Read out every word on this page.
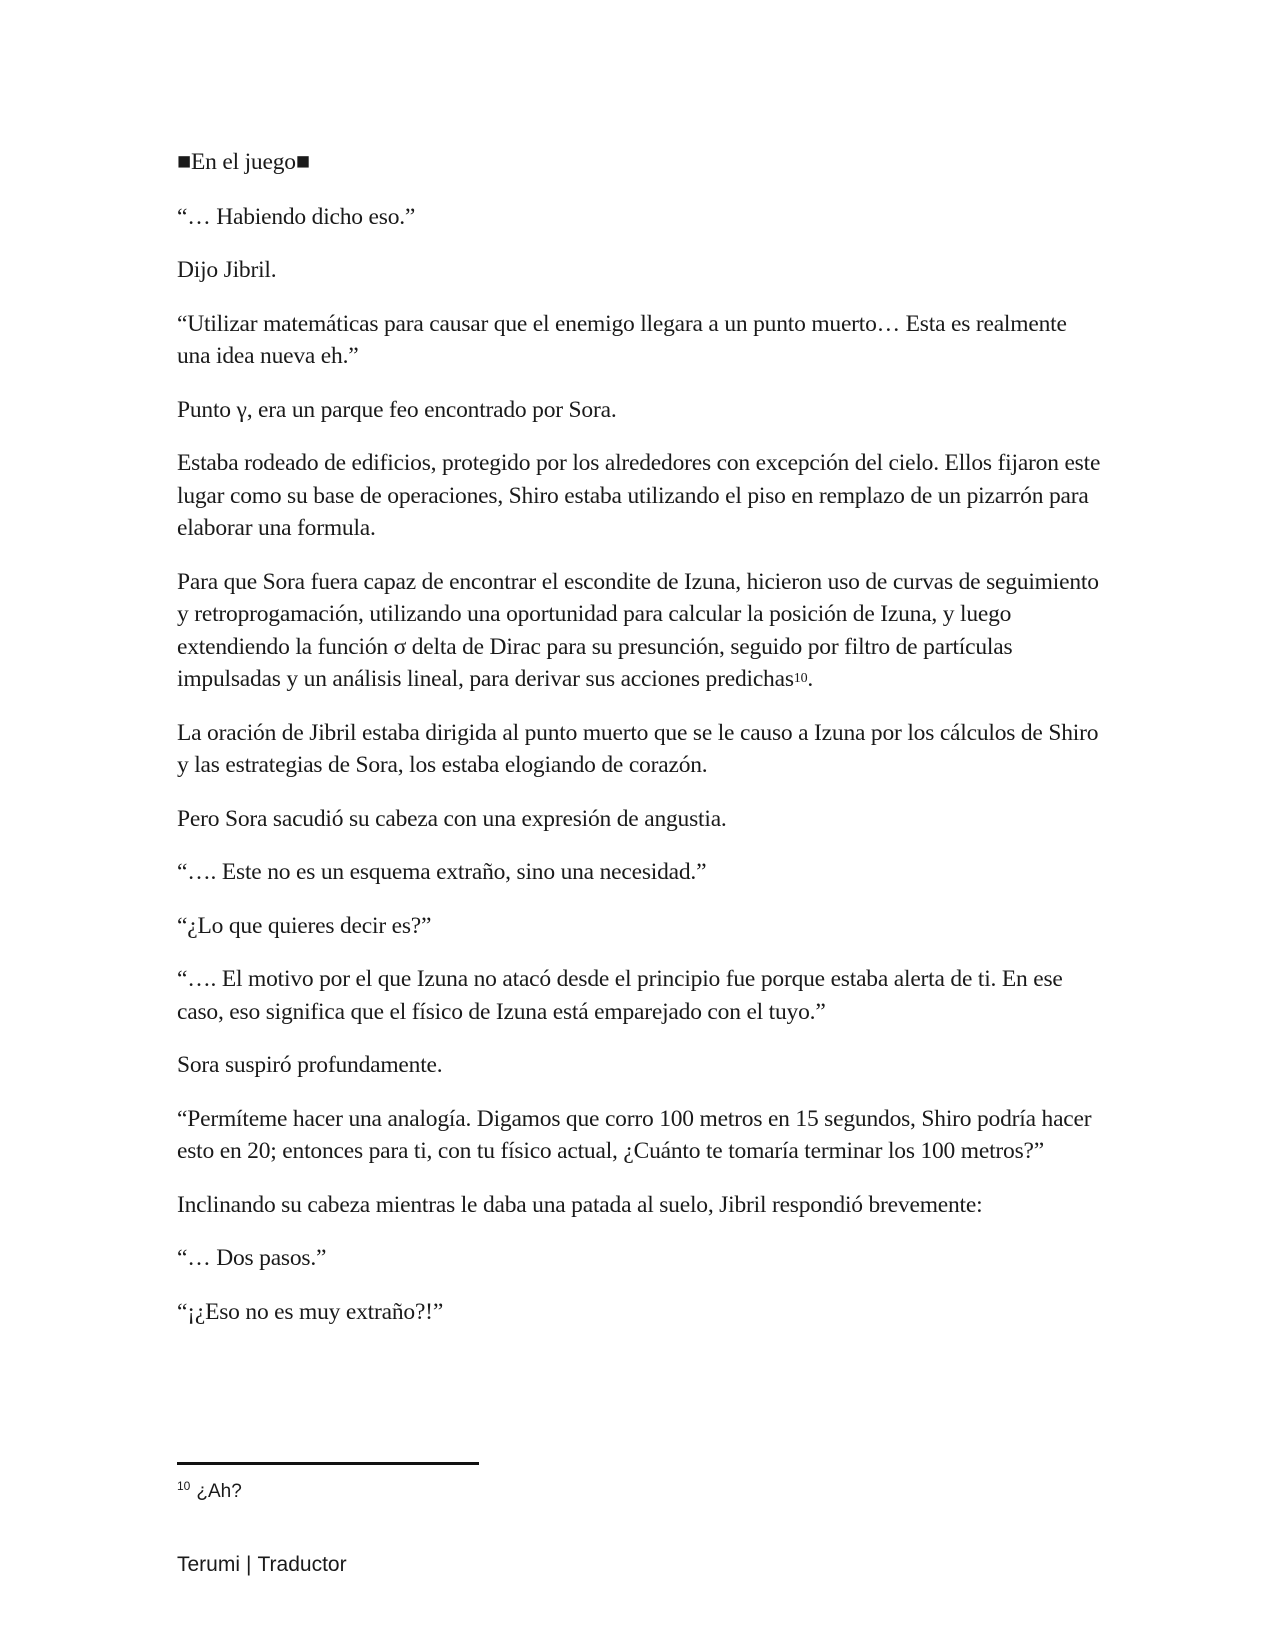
■En el juego■

“… Habiendo dicho eso.”

Dijo Jibril.

“Utilizar matemáticas para causar que el enemigo llegara a un punto muerto… Esta es realmente una idea nueva eh.”

Punto γ, era un parque feo encontrado por Sora.

Estaba rodeado de edificios, protegido por los alrededores con excepción del cielo. Ellos fijaron este lugar como su base de operaciones, Shiro estaba utilizando el piso en remplazo de un pizarrón para elaborar una formula.

Para que Sora fuera capaz de encontrar el escondite de Izuna, hicieron uso de curvas de seguimiento y retroprogamación, utilizando una oportunidad para calcular la posición de Izuna, y luego extendiendo la función σ delta de Dirac para su presunción, seguido por filtro de partículas impulsadas y un análisis lineal, para derivar sus acciones predichas$^{10}$.

La oración de Jibril estaba dirigida al punto muerto que se le causo a Izuna por los cálculos de Shiro y las estrategias de Sora, los estaba elogiando de corazón.

Pero Sora sacudió su cabeza con una expresión de angustia.

“…. Este no es un esquema extraño, sino una necesidad.”

“¿Lo que quieres decir es?”

“…. El motivo por el que Izuna no atacó desde el principio fue porque estaba alerta de ti. En ese caso, eso significa que el físico de Izuna está emparejado con el tuyo.”

Sora suspiró profundamente.

“Permíteme hacer una analogía. Digamos que corro 100 metros en 15 segundos, Shiro podría hacer esto en 20; entonces para ti, con tu físico actual, ¿Cuánto te tomaría terminar los 100 metros?”

Inclinando su cabeza mientras le daba una patada al suelo, Jibril respondió brevemente:

“… Dos pasos.”

“¡¿Eso no es muy extraño?!”

$^{10}$ ¿Ah?
Terumi | Traductor
